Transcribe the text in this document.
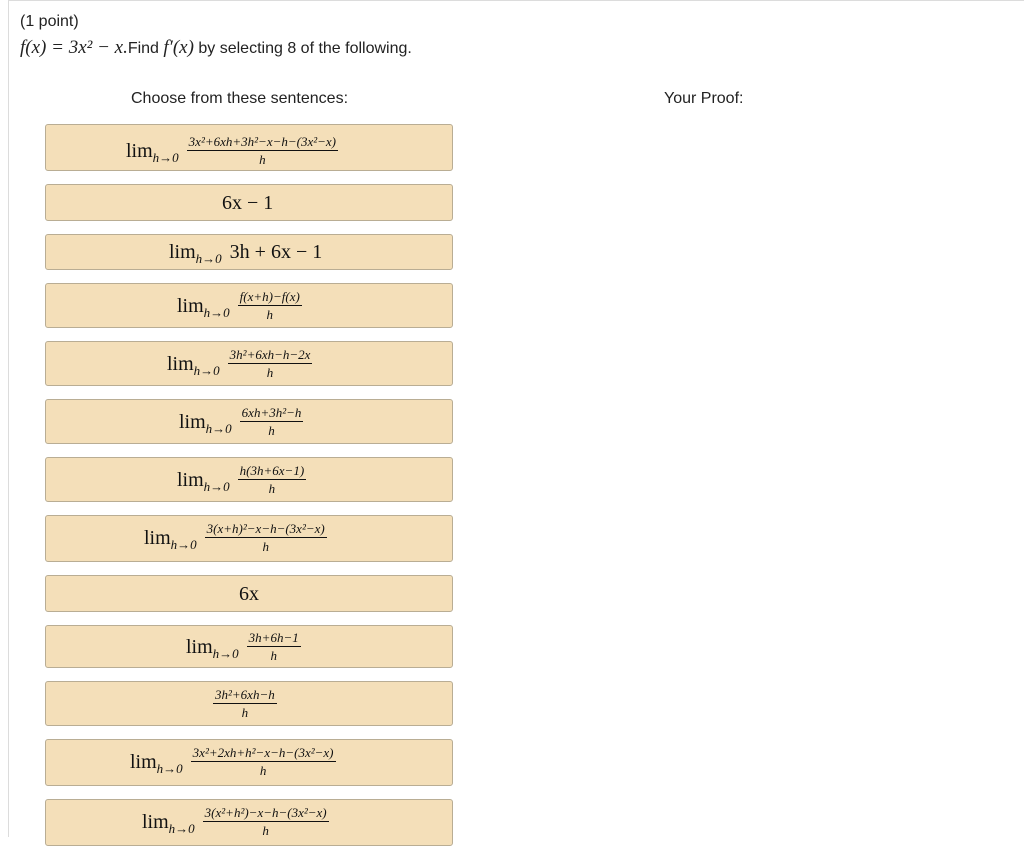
(1 point)
f(x) = 3x² − x.Find f′(x) by selecting 8 of the following.
Choose from these sentences:	Your Proof:
$\lim_{h\to 0} \frac{\text{3x²+6xh+3h²−x−h−(3x²−x)}}{h}$
6x − 1
$\lim_{h\to 0} 3h + 6x - 1$
$\lim_{h\to 0} \frac{f(x+h)-f(x)}{h}$
$\lim_{h\to 0} \frac{\text{3h²+6xh−h−2x}}{h}$
$\lim_{h\to 0} \frac{\text{6xh+3h²−h}}{h}$
$\lim_{h\to 0} \frac{h(3h+6x-1)}{h}$
$\lim_{h\to 0} \frac{\text{3(x+h)²−x−h−(3x²−x)}}{h}$
6x
$\lim_{h\to 0} \frac{3h+6h-1}{h}$
$\frac{\text{3h²+6xh−h}}{h}$
$\lim_{h\to 0} \frac{\text{3x²+2xh+h²−x−h−(3x²−x)}}{h}$
$\lim_{h\to 0} \frac{\text{3(x²+h²)−x−h−(3x²−x)}}{h}$
